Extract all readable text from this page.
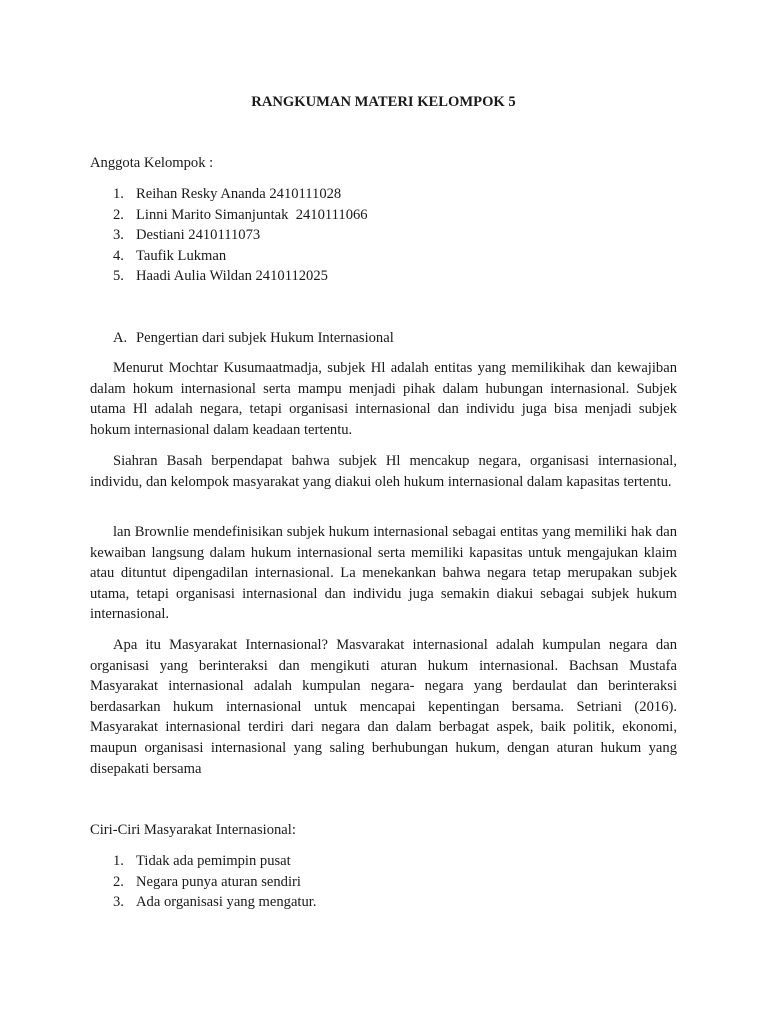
RANGKUMAN MATERI KELOMPOK 5
Anggota Kelompok :
1. Reihan Resky Ananda 2410111028
2. Linni Marito Simanjuntak  2410111066
3. Destiani 2410111073
4. Taufik Lukman
5. Haadi Aulia Wildan 2410112025
A. Pengertian dari subjek Hukum Internasional

Menurut Mochtar Kusumaatmadja, subjek Hl adalah entitas yang memilikihak dan kewajiban dalam hokum internasional serta mampu menjadi pihak dalam hubungan internasional. Subjek utama Hl adalah negara, tetapi organisasi internasional dan individu juga bisa menjadi subjek hokum internasional dalam keadaan tertentu.

Siahran Basah berpendapat bahwa subjek Hl mencakup negara, organisasi internasional, individu, dan kelompok masyarakat yang diakui oleh hukum internasional dalam kapasitas tertentu.

lan Brownlie mendefinisikan subjek hukum internasional sebagai entitas yang memiliki hak dan kewaiban langsung dalam hukum internasional serta memiliki kapasitas untuk mengajukan klaim atau dituntut dipengadilan internasional. La menekankan bahwa negara tetap merupakan subjek utama, tetapi organisasi internasional dan individu juga semakin diakui sebagai subjek hukum internasional.

Apa itu Masyarakat Internasional? Masvarakat internasional adalah kumpulan negara dan organisasi yang berinteraksi dan mengikuti aturan hukum internasional. Bachsan Mustafa Masyarakat internasional adalah kumpulan negara- negara yang berdaulat dan berinteraksi berdasarkan hukum internasional untuk mencapai kepentingan bersama. Setriani (2016). Masyarakat internasional terdiri dari negara dan dalam berbagat aspek, baik politik, ekonomi, maupun organisasi internasional yang saling berhubungan hukum, dengan aturan hukum yang disepakati bersama

Ciri-Ciri Masyarakat Internasional:
1. Tidak ada pemimpin pusat
2. Negara punya aturan sendiri
3. Ada organisasi yang mengatur.
